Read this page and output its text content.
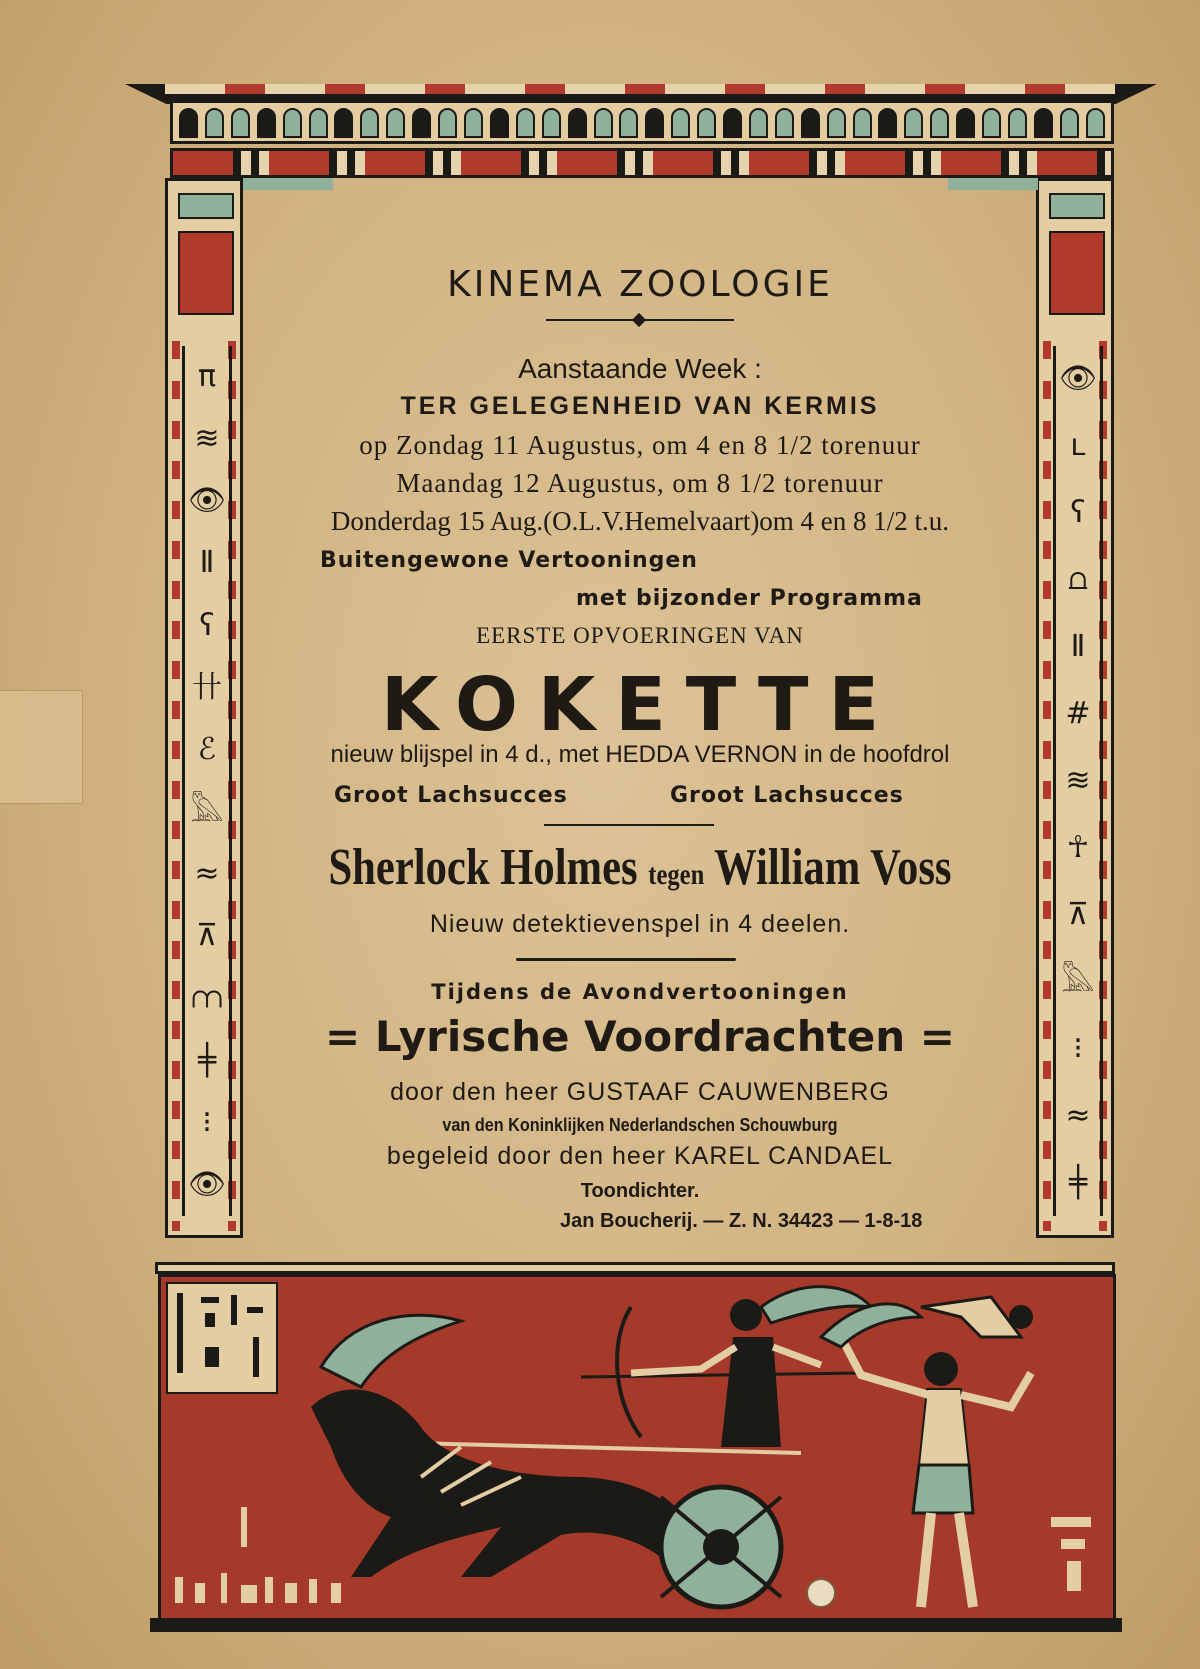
π
≋
👁
Ⅱ
ʕ
卄
ℰ
𓅓
≈
⊼
⩋
╪
⁝
👁
👁
ʟ
ʕ
⩍
Ⅱ
#
≋
☥
⊼
𓅓
⁝
≈
╪
KINEMA ZOOLOGIE
Aanstaande Week :
TER GELEGENHEID VAN KERMIS
op Zondag 11 Augustus, om 4 en 8 1/2 torenuur
Maandag 12 Augustus, om 8 1/2 torenuur
Donderdag 15 Aug.(O.L.V.Hemelvaart)om 4 en 8 1/2 t.u.
Buitengewone Vertooningen
met bijzonder Programma
EERSTE OPVOERINGEN VAN
KOKETTE
nieuw blijspel in 4 d., met HEDDA VERNON in de hoofdrol
Groot Lachsucces	Groot Lachsucces
Sherlock Holmes tegen William Voss
Nieuw detektievenspel in 4 deelen.
Tijdens de Avondvertooningen
= Lyrische Voordrachten =
door den heer GUSTAAF CAUWENBERG
van den Koninklijken Nederlandschen Schouwburg
begeleid door den heer KAREL CANDAEL
Toondichter.
Jan Boucherij. — Z. N. 34423 — 1-8-18
